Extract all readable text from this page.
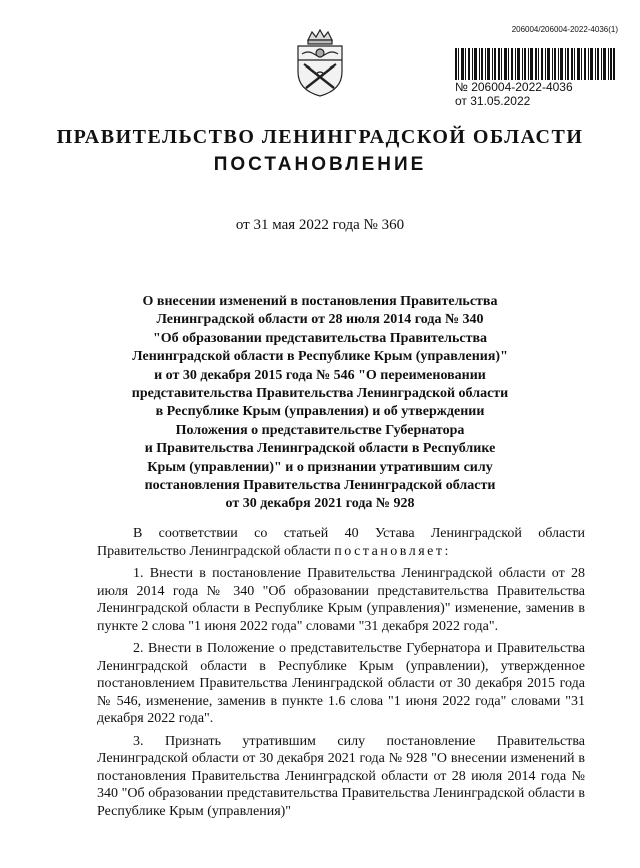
206004/206004-2022-4036(1)
№ 206004-2022-4036
от 31.05.2022
ПРАВИТЕЛЬСТВО ЛЕНИНГРАДСКОЙ ОБЛАСТИ
ПОСТАНОВЛЕНИЕ
от 31 мая 2022 года № 360
О внесении изменений в постановления Правительства
Ленинградской области от 28 июля 2014 года № 340
"Об образовании представительства Правительства
Ленинградской области в Республике Крым (управления)"
и от 30 декабря 2015 года № 546 "О переименовании
представительства Правительства Ленинградской области
в Республике Крым (управления) и об утверждении
Положения о представительстве Губернатора
и Правительства Ленинградской области в Республике
Крым (управлении)" и о признании утратившим силу
постановления Правительства Ленинградской области
от 30 декабря 2021 года № 928

В соответствии со статьей 40 Устава Ленинградской области Правительство Ленинградской области постановляет:

1. Внести в постановление Правительства Ленинградской области от 28 июля 2014 года № 340 "Об образовании представительства Правительства Ленинградской области в Республике Крым (управления)" изменение, заменив в пункте 2 слова "1 июня 2022 года" словами "31 декабря 2022 года".

2. Внести в Положение о представительстве Губернатора и Правительства Ленинградской области в Республике Крым (управлении), утвержденное постановлением Правительства Ленинградской области от 30 декабря 2015 года № 546, изменение, заменив в пункте 1.6 слова "1 июня 2022 года" словами "31 декабря 2022 года".

3. Признать утратившим силу постановление Правительства Ленинградской области от 30 декабря 2021 года № 928 "О внесении изменений в постановления Правительства Ленинградской области от 28 июля 2014 года № 340 "Об образовании представительства Правительства Ленинградской области в Республике Крым (управления)"
